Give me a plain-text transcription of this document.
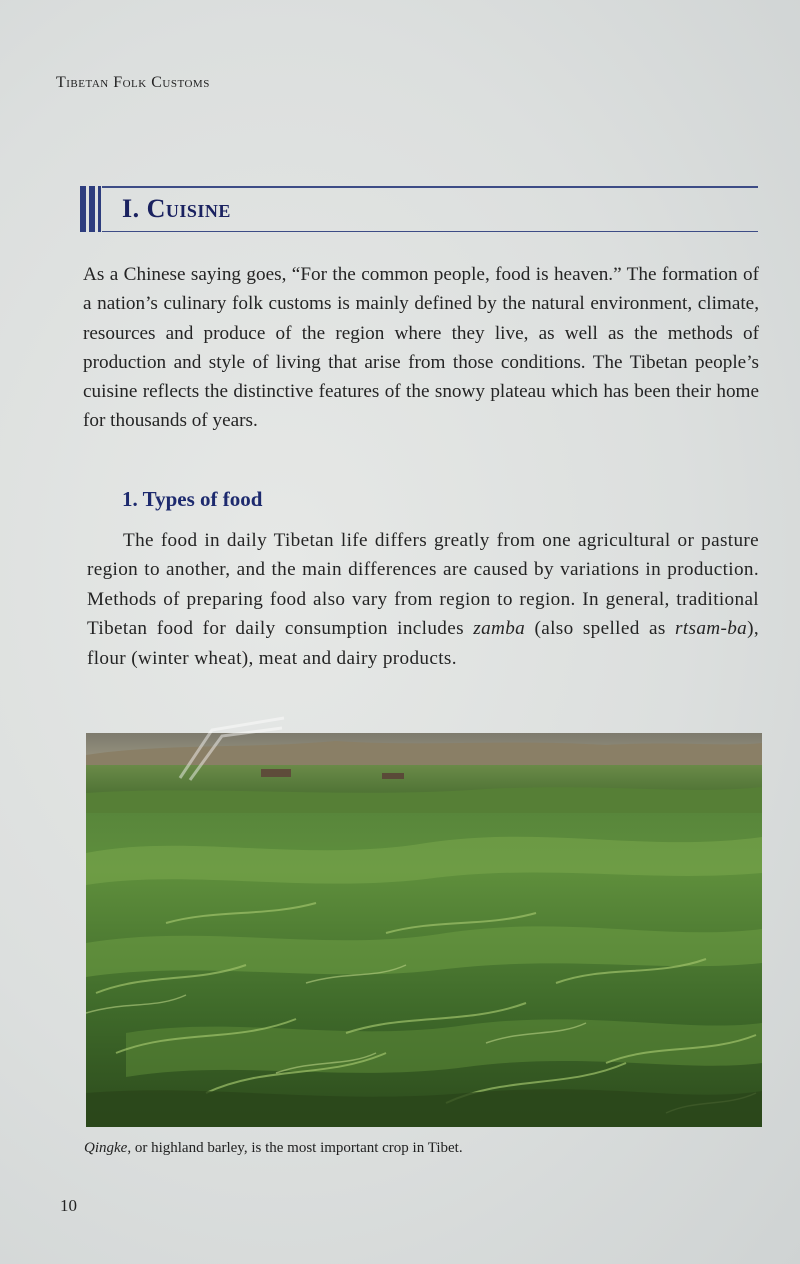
Tibetan Folk Customs
I. Cuisine

As a Chinese saying goes, “For the common people, food is heaven.” The formation of a nation’s culinary folk customs is mainly defined by the natural environment, climate, resources and produce of the region where they live, as well as the methods of production and style of living that arise from those conditions. The Tibetan people’s cuisine reflects the distinctive features of the snowy plateau which has been their home for thousands of years.

1. Types of food

The food in daily Tibetan life differs greatly from one agricultural or pasture region to another, and the main differences are caused by variations in production. Methods of preparing food also vary from region to region. In general, traditional Tibetan food for daily consumption includes zamba (also spelled as rtsam-ba), flour (winter wheat), meat and dairy products.

Qingke, or highland barley, is the most important crop in Tibet.
10
